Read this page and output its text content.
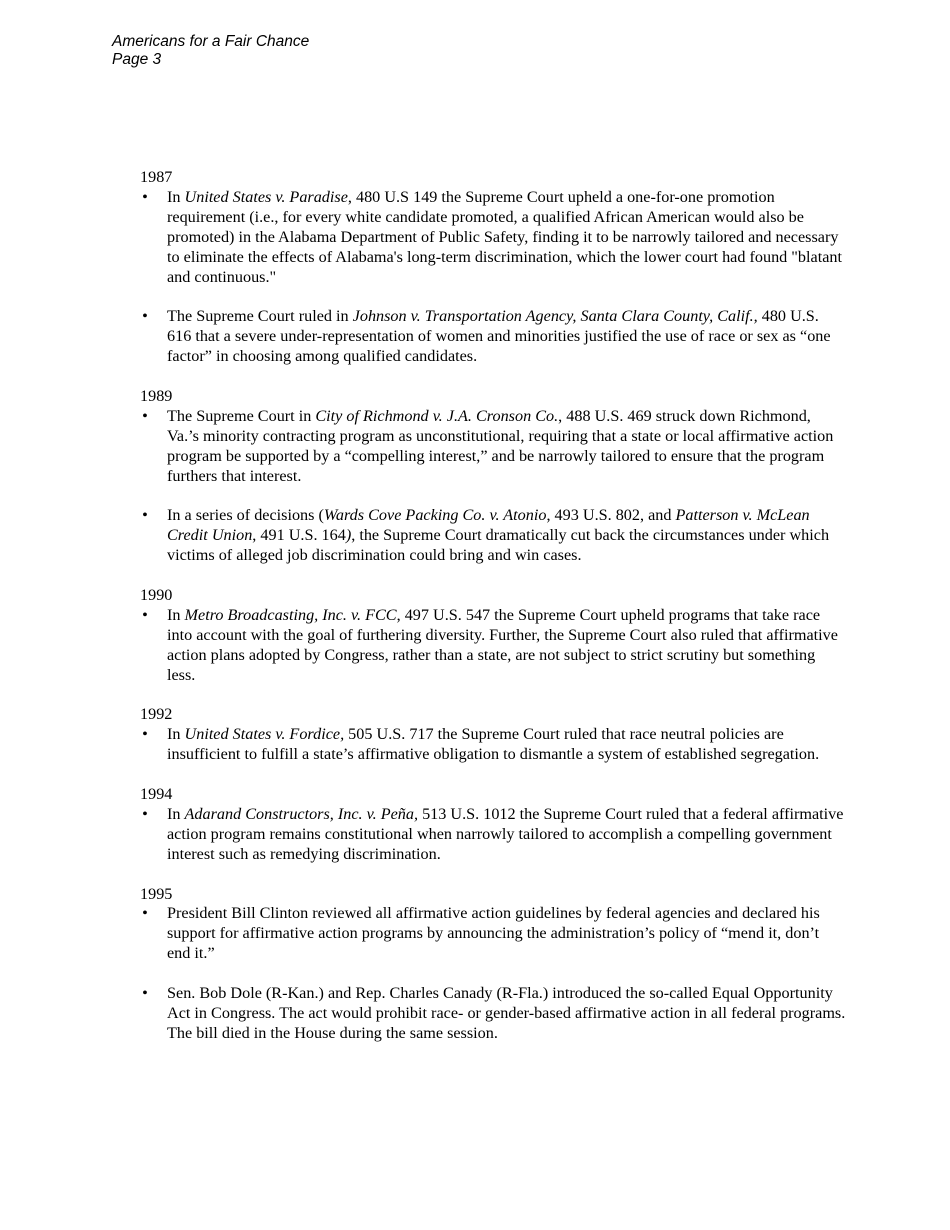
Americans for a Fair Chance
Page 3
1987
• In United States v. Paradise, 480 U.S 149 the Supreme Court upheld a one-for-one promotion requirement (i.e., for every white candidate promoted, a qualified African American would also be promoted) in the Alabama Department of Public Safety, finding it to be narrowly tailored and necessary to eliminate the effects of Alabama's long-term discrimination, which the lower court had found "blatant and continuous."
• The Supreme Court ruled in Johnson v. Transportation Agency, Santa Clara County, Calif., 480 U.S. 616 that a severe under-representation of women and minorities justified the use of race or sex as “one factor” in choosing among qualified candidates.
1989
• The Supreme Court in City of Richmond v. J.A. Cronson Co., 488 U.S. 469 struck down Richmond, Va.’s minority contracting program as unconstitutional, requiring that a state or local affirmative action program be supported by a “compelling interest,” and be narrowly tailored to ensure that the program furthers that interest.
• In a series of decisions (Wards Cove Packing Co. v. Atonio, 493 U.S. 802, and Patterson v. McLean Credit Union, 491 U.S. 164), the Supreme Court dramatically cut back the circumstances under which victims of alleged job discrimination could bring and win cases.
1990
• In Metro Broadcasting, Inc. v. FCC, 497 U.S. 547 the Supreme Court upheld programs that take race into account with the goal of furthering diversity. Further, the Supreme Court also ruled that affirmative action plans adopted by Congress, rather than a state, are not subject to strict scrutiny but something less.
1992
• In United States v. Fordice, 505 U.S. 717 the Supreme Court ruled that race neutral policies are insufficient to fulfill a state’s affirmative obligation to dismantle a system of established segregation.
1994
• In Adarand Constructors, Inc. v. Peña, 513 U.S. 1012 the Supreme Court ruled that a federal affirmative action program remains constitutional when narrowly tailored to accomplish a compelling government interest such as remedying discrimination.
1995
• President Bill Clinton reviewed all affirmative action guidelines by federal agencies and declared his support for affirmative action programs by announcing the administration’s policy of “mend it, don’t end it.”
• Sen. Bob Dole (R-Kan.) and Rep. Charles Canady (R-Fla.) introduced the so-called Equal Opportunity Act in Congress. The act would prohibit race- or gender-based affirmative action in all federal programs. The bill died in the House during the same session.
